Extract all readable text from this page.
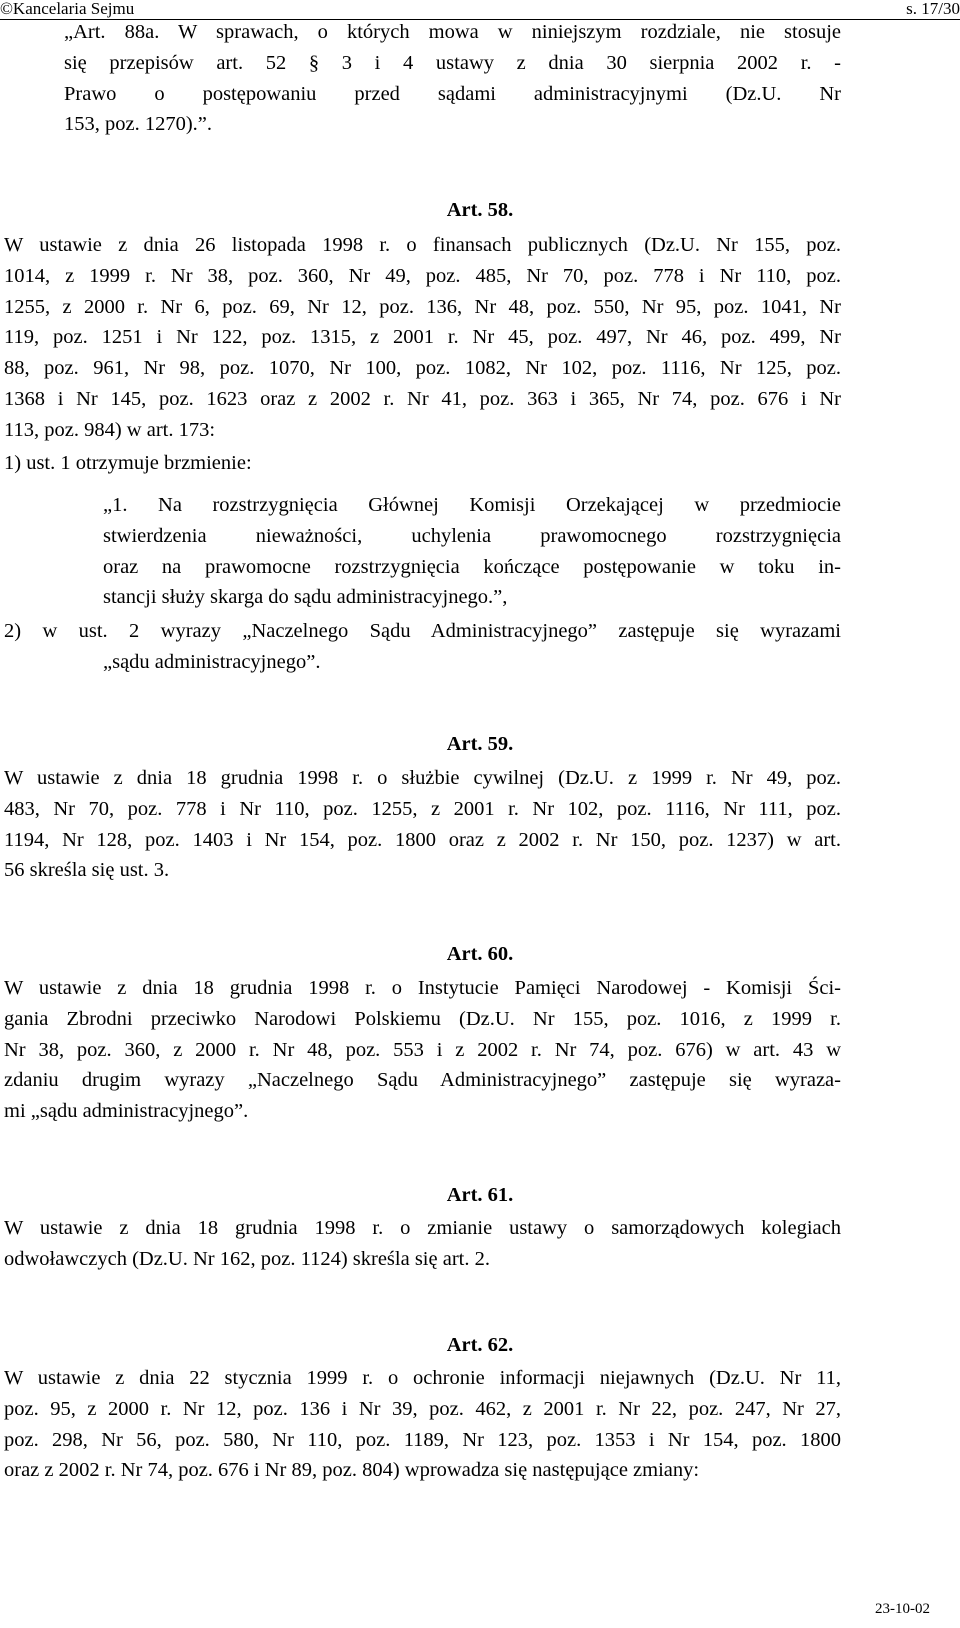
©Kancelaria Sejmu	s. 17/30
„Art. 88a. W sprawach, o których mowa w niniejszym rozdziale, nie stosuje
się przepisów art. 52 § 3 i 4 ustawy z dnia 30 sierpnia 2002 r. -
Prawo o postępowaniu przed sądami administracyjnymi (Dz.U. Nr
153, poz. 1270).”.
Art. 58.
W ustawie z dnia 26 listopada 1998 r. o finansach publicznych (Dz.U. Nr 155, poz.
1014, z 1999 r. Nr 38, poz. 360, Nr 49, poz. 485, Nr 70, poz. 778 i Nr 110, poz.
1255, z 2000 r. Nr 6, poz. 69, Nr 12, poz. 136, Nr 48, poz. 550, Nr 95, poz. 1041, Nr
119, poz. 1251 i Nr 122, poz. 1315, z 2001 r. Nr 45, poz. 497, Nr 46, poz. 499, Nr
88, poz. 961, Nr 98, poz. 1070, Nr 100, poz. 1082, Nr 102, poz. 1116, Nr 125, poz.
1368 i Nr 145, poz. 1623 oraz z 2002 r. Nr 41, poz. 363 i 365, Nr 74, poz. 676 i Nr
113, poz. 984) w art. 173:
1) ust. 1 otrzymuje brzmienie:
„1. Na rozstrzygnięcia Głównej Komisji Orzekającej w przedmiocie
stwierdzenia nieważności, uchylenia prawomocnego rozstrzygnięcia
oraz na prawomocne rozstrzygnięcia kończące postępowanie w toku in-
stancji służy skarga do sądu administracyjnego.”,
2) w ust. 2 wyrazy „Naczelnego Sądu Administracyjnego” zastępuje się wyrazami
„sądu administracyjnego”.
Art. 59.
W ustawie z dnia 18 grudnia 1998 r. o służbie cywilnej (Dz.U. z 1999 r. Nr 49, poz.
483, Nr 70, poz. 778 i Nr 110, poz. 1255, z 2001 r. Nr 102, poz. 1116, Nr 111, poz.
1194, Nr 128, poz. 1403 i Nr 154, poz. 1800 oraz z 2002 r. Nr 150, poz. 1237) w art.
56 skreśla się ust. 3.
Art. 60.
W ustawie z dnia 18 grudnia 1998 r. o Instytucie Pamięci Narodowej - Komisji Ści-
gania Zbrodni przeciwko Narodowi Polskiemu (Dz.U. Nr 155, poz. 1016, z 1999 r.
Nr 38, poz. 360, z 2000 r. Nr 48, poz. 553 i z 2002 r. Nr 74, poz. 676) w art. 43 w
zdaniu drugim wyrazy „Naczelnego Sądu Administracyjnego” zastępuje się wyraza-
mi „sądu administracyjnego”.
Art. 61.
W ustawie z dnia 18 grudnia 1998 r. o zmianie ustawy o samorządowych kolegiach
odwoławczych (Dz.U. Nr 162, poz. 1124) skreśla się art. 2.
Art. 62.
W ustawie z dnia 22 stycznia 1999 r. o ochronie informacji niejawnych (Dz.U. Nr 11,
poz. 95, z 2000 r. Nr 12, poz. 136 i Nr 39, poz. 462, z 2001 r. Nr 22, poz. 247, Nr 27,
poz. 298, Nr 56, poz. 580, Nr 110, poz. 1189, Nr 123, poz. 1353 i Nr 154, poz. 1800
oraz z 2002 r. Nr 74, poz. 676 i Nr 89, poz. 804) wprowadza się następujące zmiany:
23-10-02
